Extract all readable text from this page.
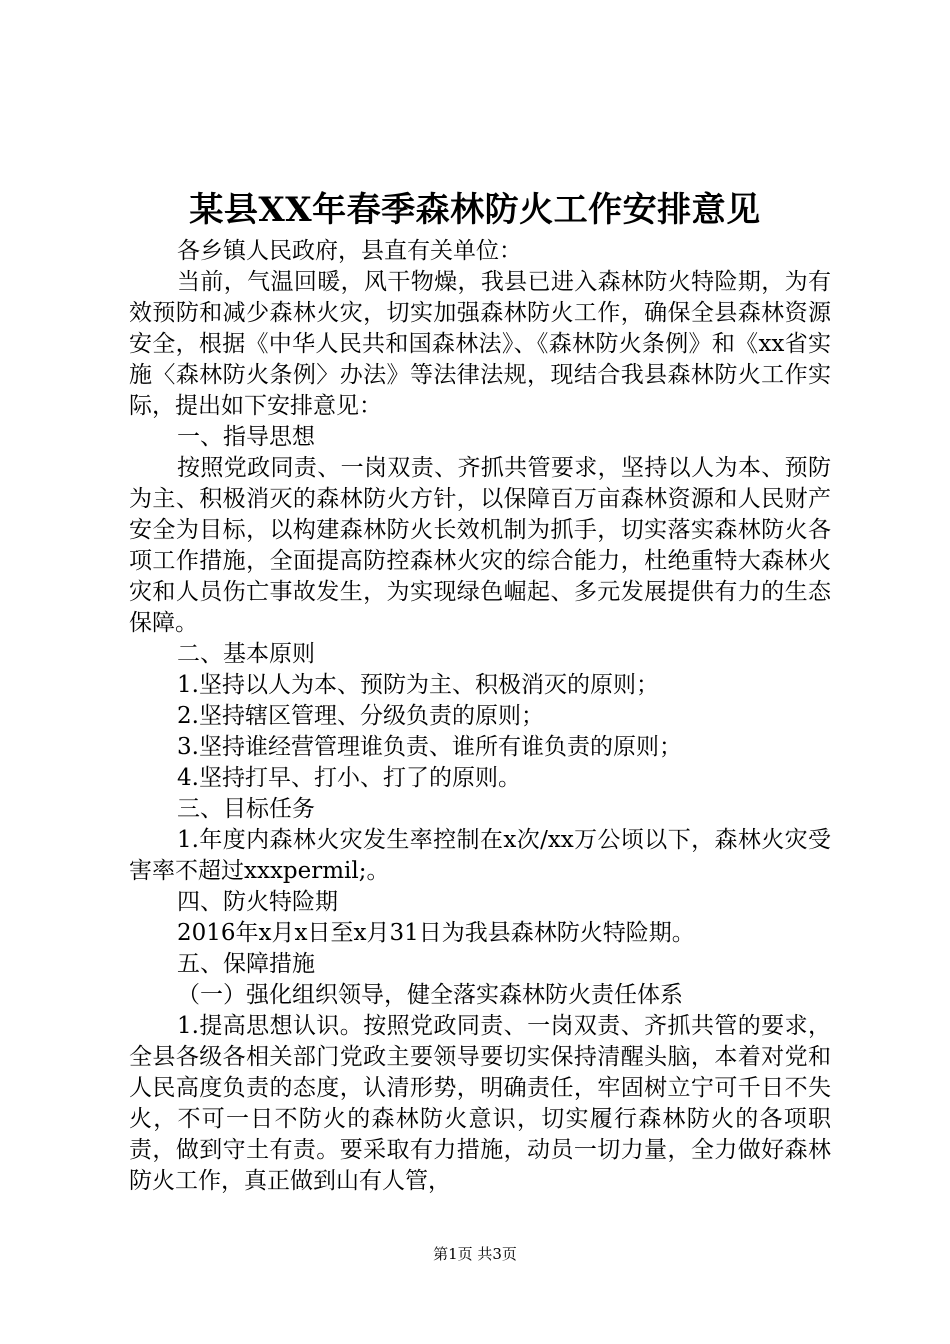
某县XX年春季森林防火工作安排意见

各乡镇人民政府，县直有关单位：

当前，气温回暖，风干物燥，我县已进入森林防火特险期，为有效预防和减少森林火灾，切实加强森林防火工作，确保全县森林资源安全，根据《中华人民共和国森林法》、《森林防火条例》和《xx省实施〈森林防火条例〉办法》等法律法规，现结合我县森林防火工作实际，提出如下安排意见：

一、指导思想

按照党政同责、一岗双责、齐抓共管要求，坚持以人为本、预防为主、积极消灭的森林防火方针，以保障百万亩森林资源和人民财产安全为目标，以构建森林防火长效机制为抓手，切实落实森林防火各项工作措施，全面提高防控森林火灾的综合能力，杜绝重特大森林火灾和人员伤亡事故发生，为实现绿色崛起、多元发展提供有力的生态保障。

二、基本原则

1.坚持以人为本、预防为主、积极消灭的原则；

2.坚持辖区管理、分级负责的原则；

3.坚持谁经营管理谁负责、谁所有谁负责的原则；

4.坚持打早、打小、打了的原则。

三、目标任务

1.年度内森林火灾发生率控制在x次/xx万公顷以下，森林火灾受害率不超过xxxpermil;。

四、防火特险期

2016年x月x日至x月31日为我县森林防火特险期。

五、保障措施

（一）强化组织领导，健全落实森林防火责任体系

1.提高思想认识。按照党政同责、一岗双责、齐抓共管的要求，全县各级各相关部门党政主要领导要切实保持清醒头脑，本着对党和人民高度负责的态度，认清形势，明确责任，牢固树立宁可千日不失火，不可一日不防火的森林防火意识，切实履行森林防火的各项职责，做到守土有责。要采取有力措施，动员一切力量，全力做好森林防火工作，真正做到山有人管，

第1页 共3页
